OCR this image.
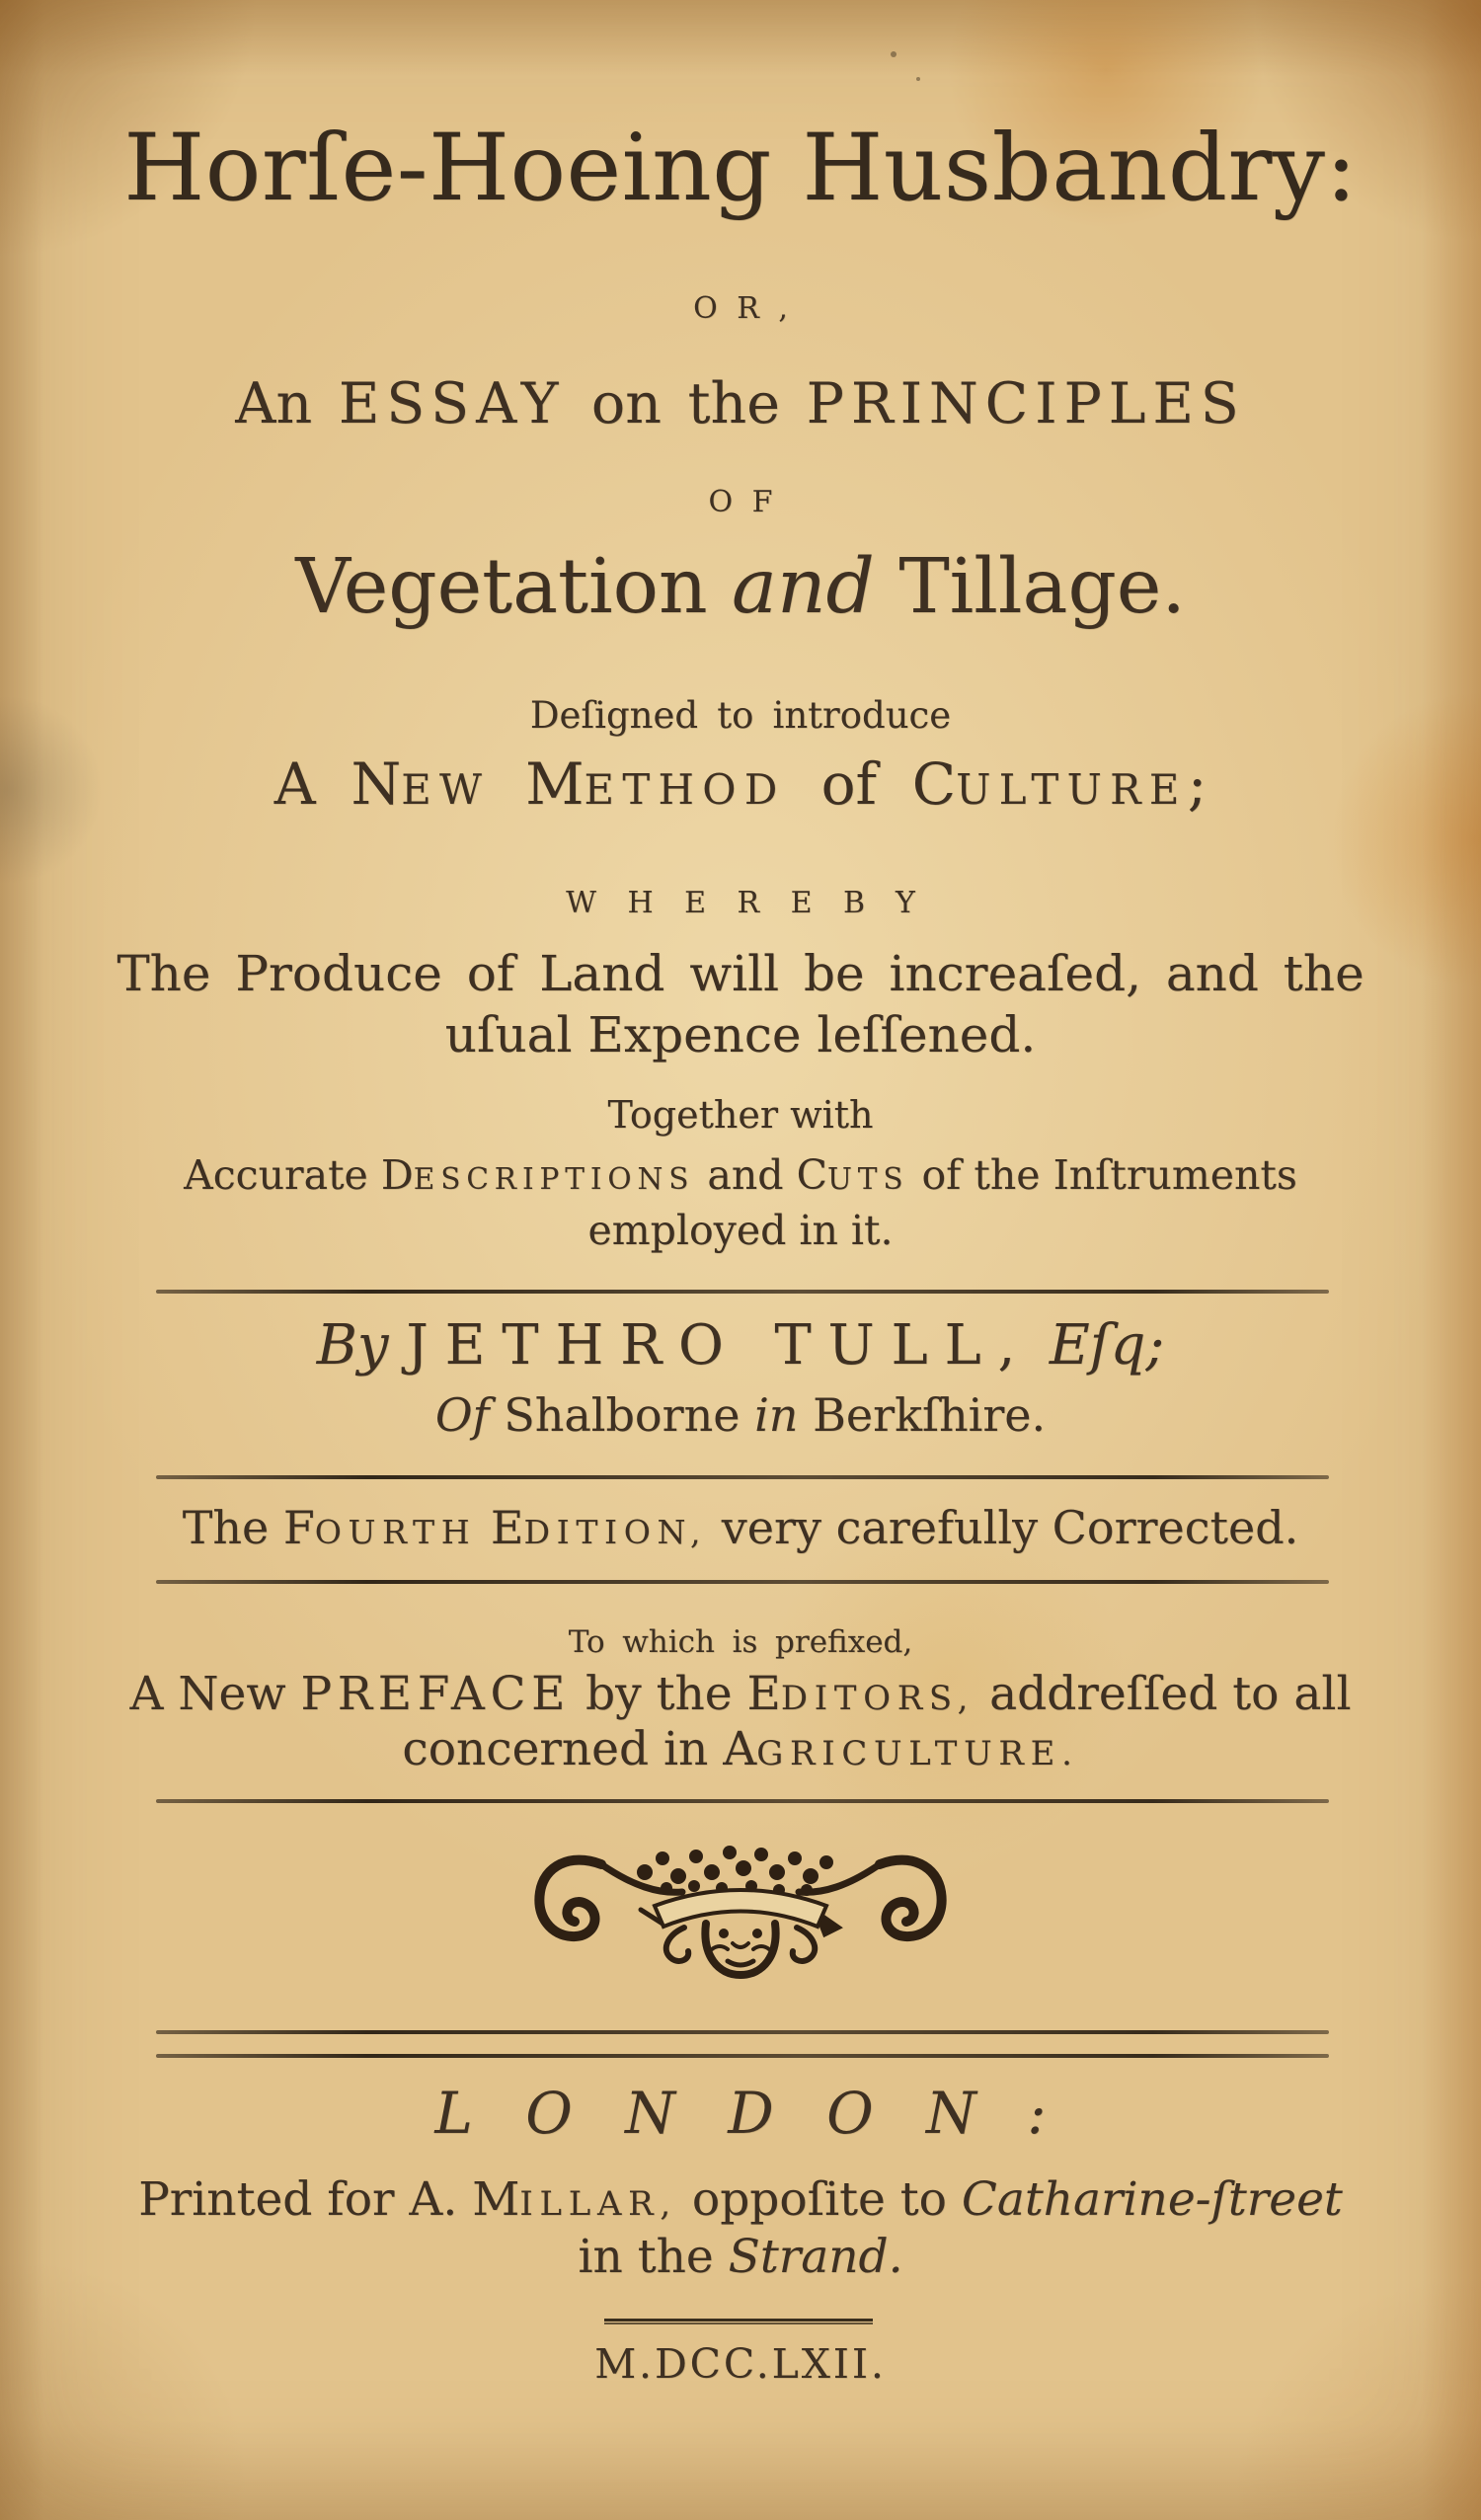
Horſe-Hoeing Husbandry:
OR,
An ESSAY on the PRINCIPLES
OF
Vegetation and Tillage.
Deſigned to introduce
A NEW METHOD of CULTURE;
WHEREBY
The Produce of Land will be increaſed, and the
uſual Expence leſſened.
Together with
Accurate DESCRIPTIONS and CUTS of the Inſtruments
employed in it.
By JETHRO TULL, Eſq;
Of Shalborne in Berkſhire.
The FOURTH EDITION, very carefully Corrected.
To which is prefixed,
A New PREFACE by the EDITORS, addreſſed to all
concerned in AGRICULTURE.
LONDON:
Printed for A. MILLAR, oppoſite to Catharine-ſtreet
in the Strand.
M.DCC.LXII.
